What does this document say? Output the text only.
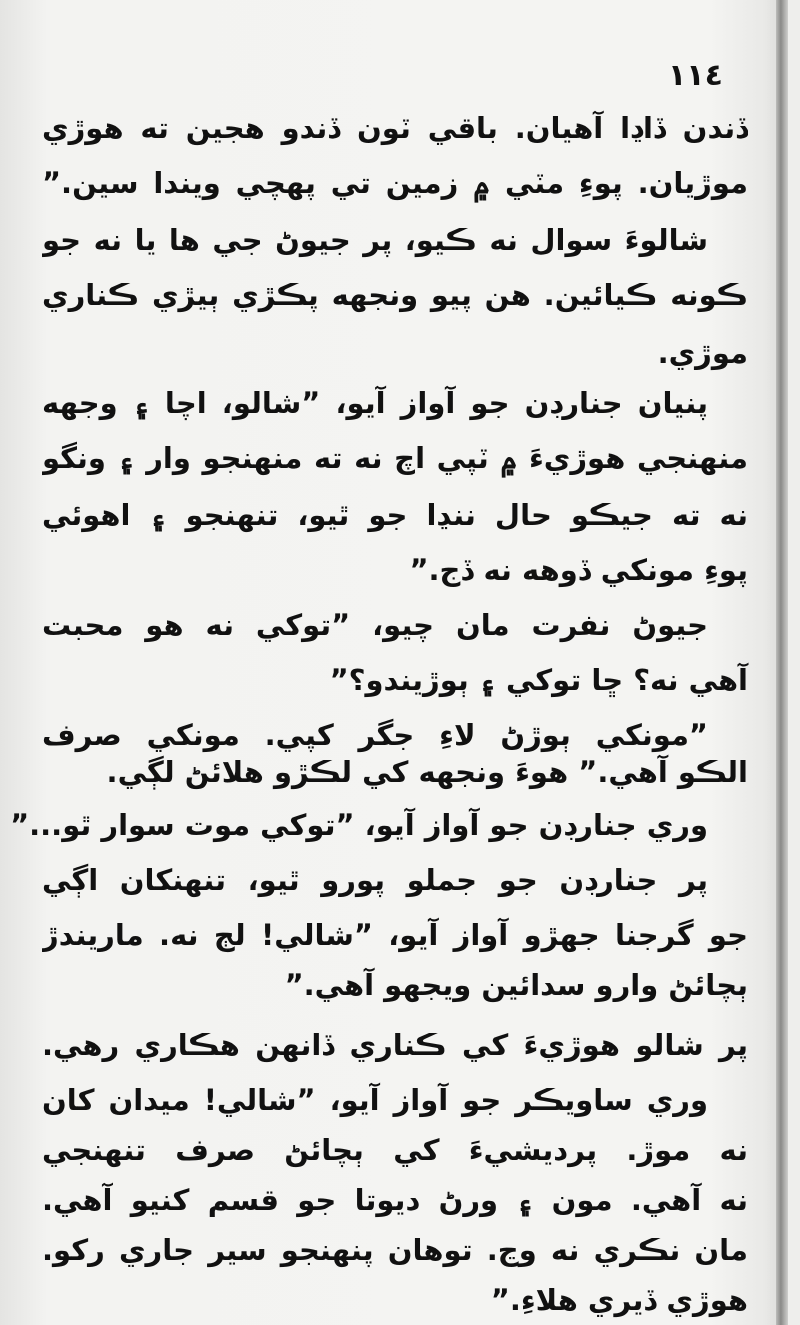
١١٤
ڏندن ڏاڍا آهيان. باقي ٽون ڏندو هجين ته هوڙي
موڙيان. پوءِ مٽي ۾ زمين تي پهچي ويندا سين.”
شالوءَ سوال نه ڪيو، پر جيوڻ جي ها يا نه جو
ڪونه ڪيائين. هن پيو ونجهه پڪڙي ٻيڙي ڪناري
موڙي.
پنيان جنارڊن جو آواز آيو، ”شالو، اچا ۽ وجهه
منهنجي هوڙيءَ ۾ ٽپي اچ نه ته منهنجو وار ۽ ونگو
نه ته جيڪو حال ننڍا جو ٿيو، تنهنجو ۽ اهوئي
پوءِ مونکي ڏوهه نه ڏج.”
جيوڻ نفرت مان چيو، ”توکي نه هو محبت
آهي نه؟ ڇا توکي ۽ ٻوڙيندو؟”
”مونکي ٻوڙڻ لاءِ جگر کپي. مونکي صرف
الڪو آهي.” هوءَ ونجهه کي لڪڙو هلائڻ لڳي.
وري جنارڊن جو آواز آيو، ”توکي موت سوار ٿو...”
پر جنارڊن جو جملو پورو ٿيو، تنهنکان اڳي
جو گرجنا جهڙو آواز آيو، ”شالي! لڄ نه. ماريندڙ
ٻچائڻ وارو سدائين ويجهو آهي.”
پر شالو هوڙيءَ کي ڪناري ڏانهن هڪاري رهي.
وري ساويڪر جو آواز آيو، ”شالي! ميدان کان
نه موڙ. پرديشيءَ کي ٻچائڻ صرف تنهنجي
نه آهي. مون ۽ ورڻ ديوتا جو قسم کنيو آهي.
مان نڪري نه وڃ. توهان پنهنجو سير جاري رکو.
هوڙي ڏيري هلاءِ.”
